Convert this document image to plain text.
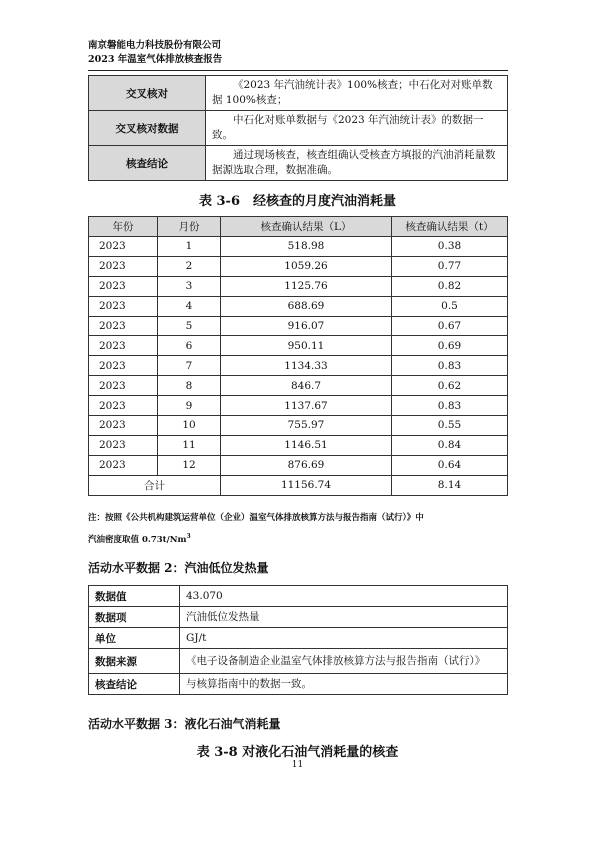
南京磐能电力科技股份有限公司
2023 年温室气体排放核查报告
交叉核对	《2023 年汽油统计表》100%核查；中石化对对账单数据 100%核查；
交叉核对数据	中石化对账单数据与《2023 年汽油统计表》的数据一致。
核查结论	通过现场核查，核查组确认受核查方填报的汽油消耗量数据源选取合理，数据准确。
表 3-6　经核查的月度汽油消耗量
年份	月份	核查确认结果（L）	核查确认结果（t）
2023	1	518.98	0.38
2023	2	1059.26	0.77
2023	3	1125.76	0.82
2023	4	688.69	0.5
2023	5	916.07	0.67
2023	6	950.11	0.69
2023	7	1134.33	0.83
2023	8	846.7	0.62
2023	9	1137.67	0.83
2023	10	755.97	0.55
2023	11	1146.51	0.84
2023	12	876.69	0.64
合计		11156.74	8.14
注：按照《公共机构建筑运营单位（企业）温室气体排放核算方法与报告指南（试行）》中
汽油密度取值 0.73t/Nm$^3$
活动水平数据 2：汽油低位发热量
数据值	43.070
数据项	汽油低位发热量
单位	GJ/t
数据来源	《电子设备制造企业温室气体排放核算方法与报告指南（试行）》
核查结论	与核算指南中的数据一致。
活动水平数据 3：液化石油气消耗量
表 3-8 对液化石油气消耗量的核查
11
